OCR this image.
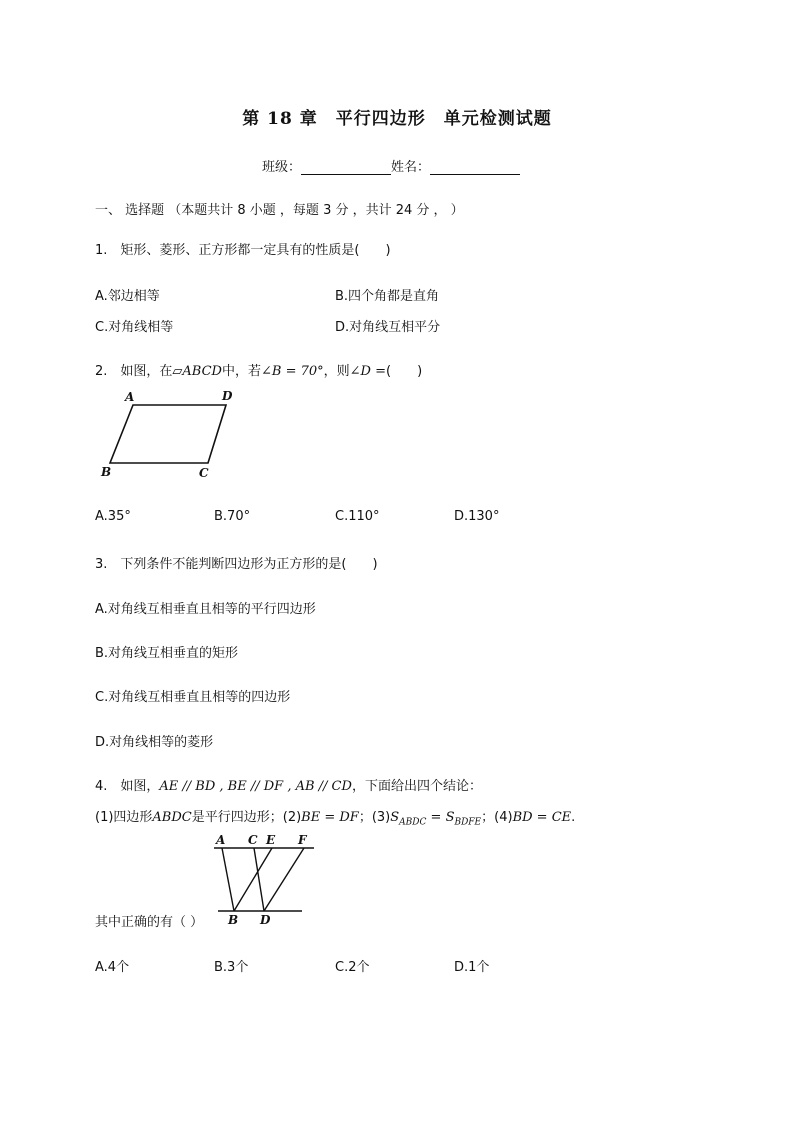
第 18 章　平行四边形　单元检测试题
班级：	姓名：
一、 选择题 （本题共计 8 小题 ，每题 3 分 ，共计 24 分 ， ）
1.　矩形、菱形、正方形都一定具有的性质是(　　)
A.邻边相等	B.四个角都是直角
C.对角线相等	D.对角线互相平分
2.　如图，在▱ABCD中，若∠B = 70°，则∠D =(　　)
A	D
B	C
A.35°	B.70°	C.110°	D.130°
3.　下列条件不能判断四边形为正方形的是(　　)
A.对角线互相垂直且相等的平行四边形
B.对角线互相垂直的矩形
C.对角线互相垂直且相等的四边形
D.对角线相等的菱形
4.　如图，AE // BD , BE // DF , AB // CD，下面给出四个结论：
(1)四边形ABDC是平行四边形；(2)BE = DF；$(3)S_{ABDC} = S_{BDFE}$；(4)BD = CE.
A C E F
B D
其中正确的有（ ）
A.4个	B.3个	C.2个	D.1个
